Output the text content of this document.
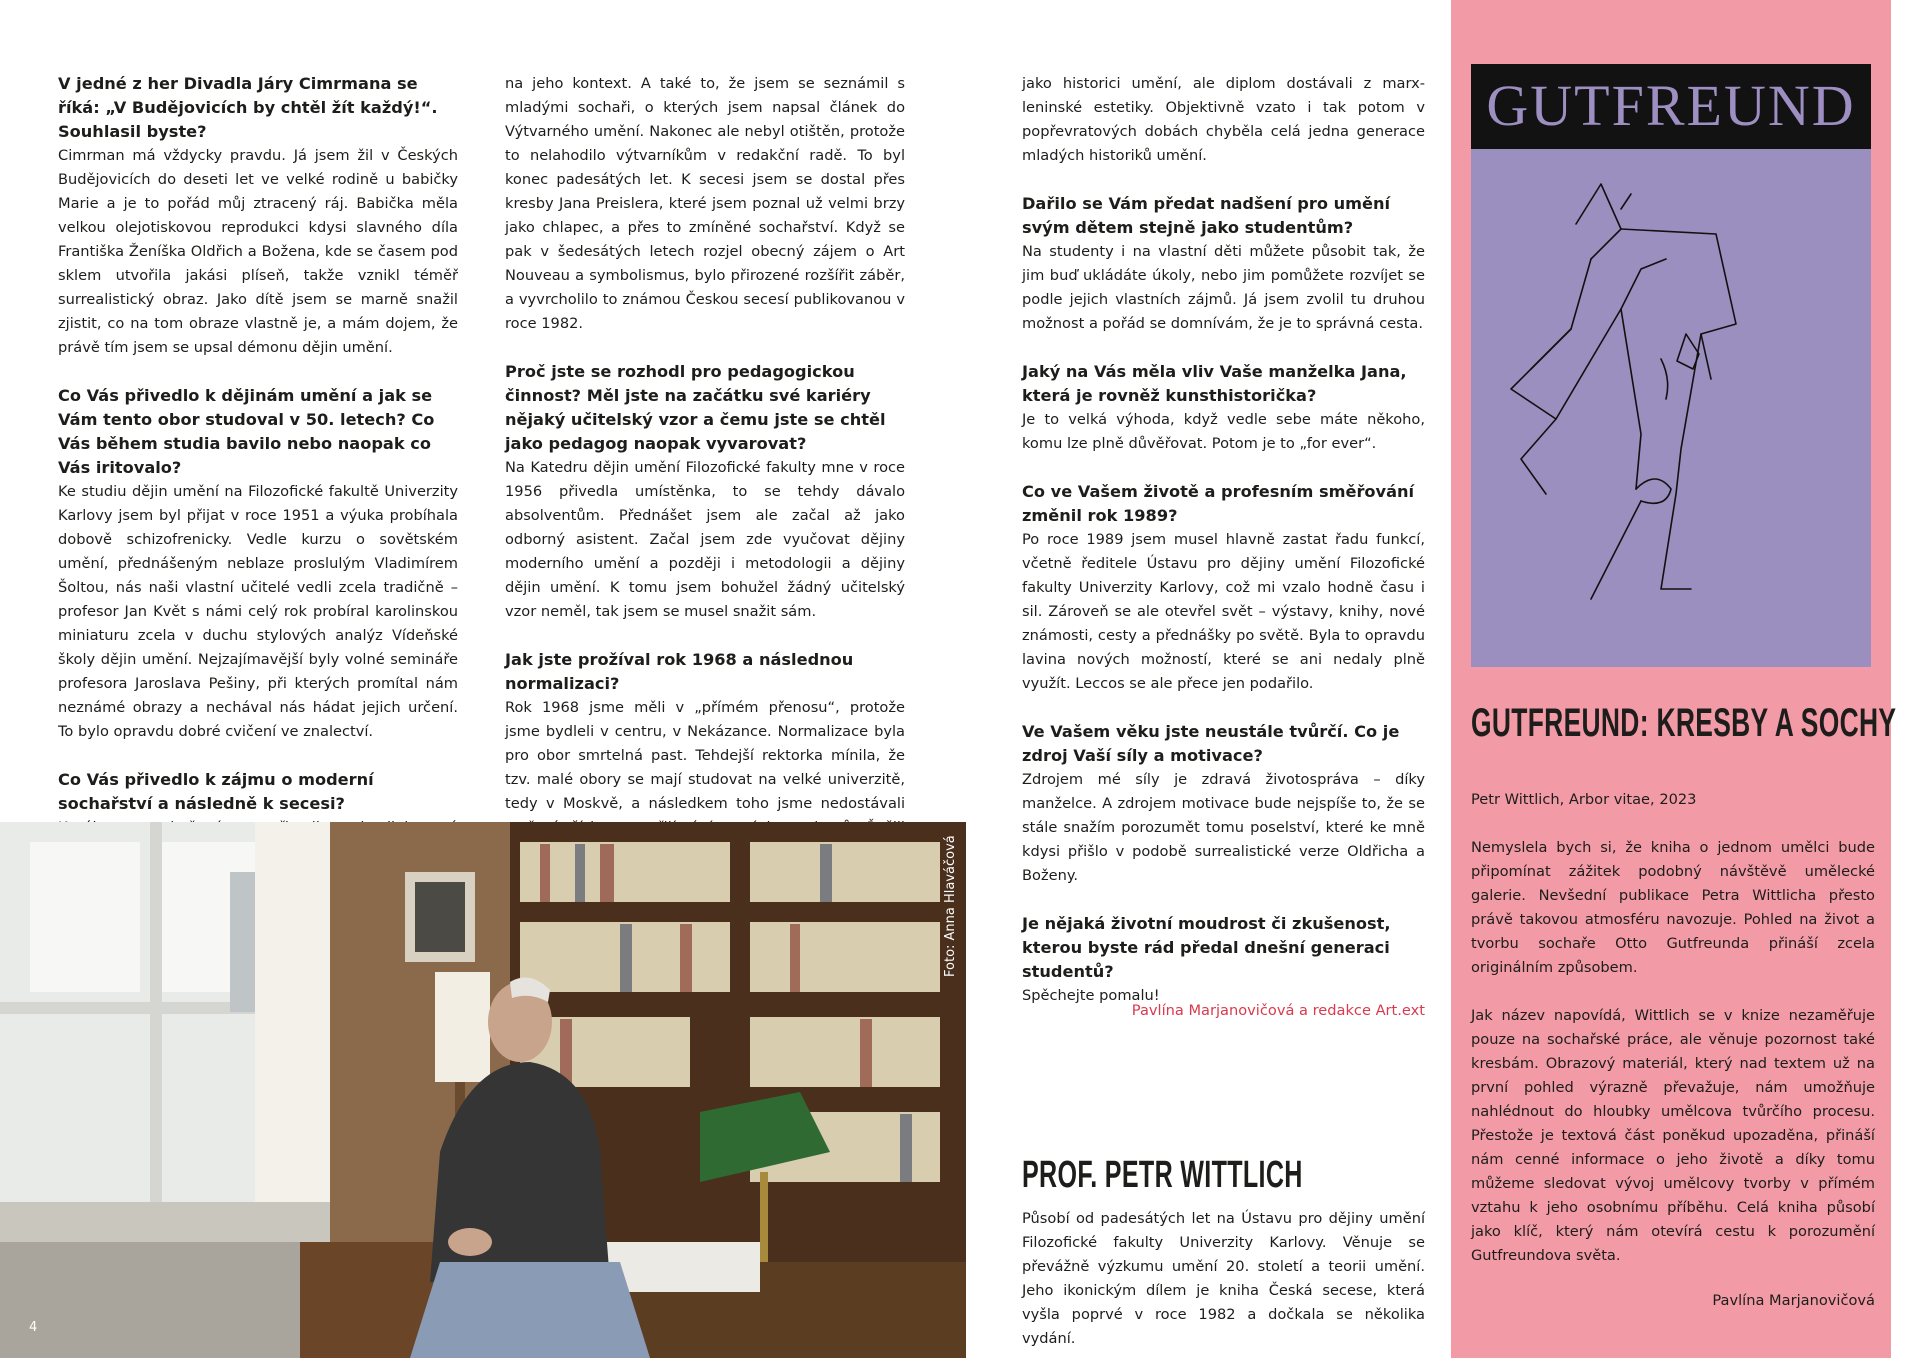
V jedné z her Divadla Járy Cimrmana se říká: „V Budějovicích by chtěl žít každý!“. Souhlasil byste?

Cimrman má vždycky pravdu. Já jsem žil v Českých Budějovicích do deseti let ve velké rodině u babičky Marie a je to pořád můj ztracený ráj. Babička měla velkou olejotiskovou reprodukci kdysi slavného díla Františka Ženíška Oldřich a Božena, kde se časem pod sklem utvořila jakási plíseň, takže vznikl téměř surrealistický obraz. Jako dítě jsem se marně snažil zjistit, co na tom obraze vlastně je, a mám dojem, že právě tím jsem se upsal démonu dějin umění.

Co Vás přivedlo k dějinám umění a jak se Vám tento obor studoval v 50. letech? Co Vás během studia bavilo nebo naopak co Vás iritovalo?

Ke studiu dějin umění na Filozofické fakultě Univerzity Karlovy jsem byl přijat v roce 1951 a výuka probíhala dobově schizofrenicky. Vedle kurzu o sovětském umění, přednášeným neblaze proslulým Vladimírem Šoltou, nás naši vlastní učitelé vedli zcela tradičně – profesor Jan Květ s námi celý rok probíral karolinskou miniaturu zcela v duchu stylových analýz Vídeňské školy dějin umění. Nejzajímavější byly volné semináře profesora Jaroslava Pešiny, při kterých promítal nám neznámé obrazy a nechával nás hádat jejich určení. To bylo opravdu dobré cvičení ve znalectví.

Co Vás přivedlo k zájmu o moderní sochařství a následně k secesi?

na jeho kontext. A také to, že jsem se seznámil s mladými sochaři, o kterých jsem napsal článek do Výtvarného umění. Nakonec ale nebyl otištěn, protože to nelahodilo výtvarníkům v redakční radě. To byl konec padesátých let. K secesi jsem se dostal přes kresby Jana Preislera, které jsem poznal už velmi brzy jako chlapec, a přes to zmíněné sochařství. Když se pak v šedesátých letech rozjel obecný zájem o Art Nouveau a symbolismus, bylo přirozené rozšířit záběr, a vyvrcholilo to známou Českou secesí publikovanou v roce 1982.

Proč jste se rozhodl pro pedagogickou činnost? Měl jste na začátku své kariéry nějaký učitelský vzor a čemu jste se chtěl jako pedagog naopak vyvarovat?

Na Katedru dějin umění Filozofické fakulty mne v roce 1956 přivedla umístěnka, to se tehdy dávalo absolventům. Přednášet jsem ale začal až jako odborný asistent. Začal jsem zde vyučovat dějiny moderního umění a později i metodologii a dějiny dějin umění. K tomu jsem bohužel žádný učitelský vzor neměl, tak jsem se musel snažit sám.

Jak jste prožíval rok 1968 a následnou normalizaci?

Rok 1968 jsme měli v „přímém přenosu“, protože jsme bydleli v centru, v Nekázance. Normalizace byla pro obor smrtelná past. Tehdejší rektorka mínila, že tzv. malé obory se mají studovat na velké univerzitě, tedy v Moskvě, a následkem toho jsme nedostávali

jako historici umění, ale diplom dostávali z marx-leninské estetiky. Objektivně vzato i tak potom v popřevratových dobách chyběla celá jedna generace mladých historiků umění.

Dařilo se Vám předat nadšení pro umění svým dětem stejně jako studentům?

Na studenty i na vlastní děti můžete působit tak, že jim buď ukládáte úkoly, nebo jim pomůžete rozvíjet se podle jejich vlastních zájmů. Já jsem zvolil tu druhou možnost a pořád se domnívám, že je to správná cesta.

Jaký na Vás měla vliv Vaše manželka Jana, která je rovněž kunsthistorička?

Je to velká výhoda, když vedle sebe máte někoho, komu lze plně důvěřovat. Potom je to „for ever“.

Co ve Vašem životě a profesním směřování změnil rok 1989?

Po roce 1989 jsem musel hlavně zastat řadu funkcí, včetně ředitele Ústavu pro dějiny umění Filozofické fakulty Univerzity Karlovy, což mi vzalo hodně času i sil. Zároveň se ale otevřel svět – výstavy, knihy, nové známosti, cesty a přednášky po světě. Byla to opravdu lavina nových možností, které se ani nedaly plně využít. Leccos se ale přece jen podařilo.

Ve Vašem věku jste neustále tvůrčí. Co je zdroj Vaší síly a motivace?

Zdrojem mé síly je zdravá životospráva – díky manželce. A zdrojem motivace bude nejspíše to, že se stále snažím porozumět tomu poselství, které ke mně kdysi přišlo v podobě surrealistické verze Oldřicha a Boženy.

Je nějaká životní moudrost či zkušenost, kterou byste rád předal dnešní generaci studentů?

Spěchejte pomalu!

Foto: Anna Hlaváčová
4
Pavlína Marjanovičová a redakce Art.ext
PROF. PETR WITTLICH
Působí od padesátých let na Ústavu pro dějiny umění Filozofické fakulty Univerzity Karlovy. Věnuje se převážně výzkumu umění 20. století a teorii umění. Jeho ikonickým dílem je kniha Česká secese, která vyšla poprvé v roce 1982 a dočkala se několika vydání.
GUTFREUND
GUTFREUND: KRESBY A SOCHY
Petr Wittlich, Arbor vitae, 2023

Nemyslela bych si, že kniha o jednom umělci bude připomínat zážitek podobný návštěvě umělecké galerie. Nevšední publikace Petra Wittlicha přesto právě takovou atmosféru navozuje. Pohled na život a tvorbu sochaře Otto Gutfreunda přináší zcela originálním způsobem.

Jak název napovídá, Wittlich se v knize nezaměřuje pouze na sochařské práce, ale věnuje pozornost také kresbám. Obrazový materiál, který nad textem už na první pohled výrazně převažuje, nám umožňuje nahlédnout do hloubky umělcova tvůrčího procesu. Přestože je textová část poněkud upozaděna, přináší nám cenné informace o jeho životě a díky tomu můžeme sledovat vývoj umělcovy tvorby v přímém vztahu k jeho osobnímu příběhu. Celá kniha působí jako klíč, který nám otevírá cestu k porozumění Gutfreundova světa.

Pavlína Marjanovičová
